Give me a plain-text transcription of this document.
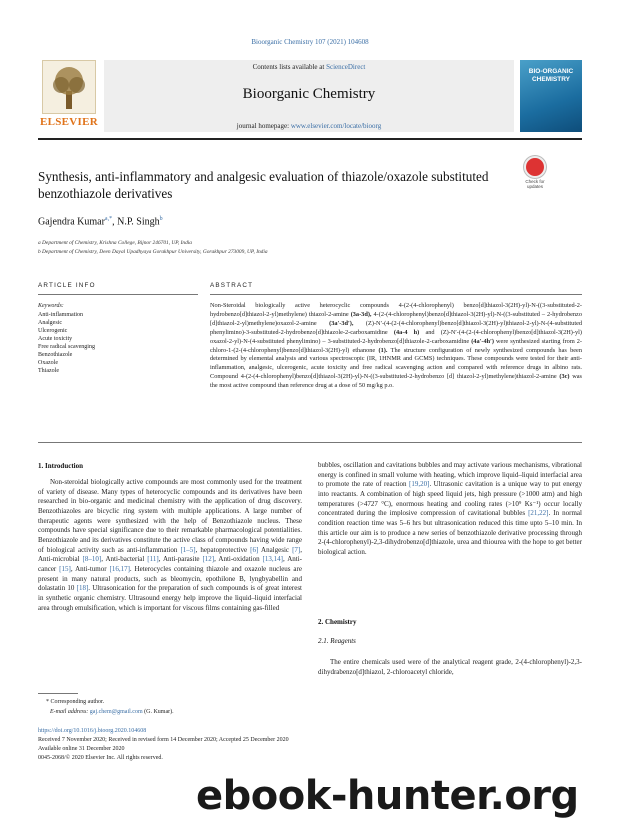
Bioorganic Chemistry 107 (2021) 104608
ELSEVIER
Contents lists available at ScienceDirect
Bioorganic Chemistry
journal homepage: www.elsevier.com/locate/bioorg
BIO-ORGANIC CHEMISTRY
Synthesis, anti-inflammatory and analgesic evaluation of thiazole/oxazole substituted benzothiazole derivatives
Check for updates
Gajendra Kumar$^{a,*}$, N.P. Singh$^b$
a Department of Chemistry, Krishna College, Bijnor 246701, UP, India
b Department of Chemistry, Deen Dayal Upadhyaya Gorakhpur University, Gorakhpur 273009, UP, India
ARTICLE INFO	ABSTRACT
Keywords:
Anti-inflammation
Analgesic
Ulcerogenic
Acute toxicity
Free radical scavenging
Benzothiazole
Oxazole
Thiazole
Non-Steroidal biologically active heterocyclic compounds 4-(2-(4-chlorophenyl) benzo[d]thiazol-3(2H)-yl)-N-((3-substituted-2-hydrobenzo[d]thiazol-2-yl)methylene) thiazol-2-amine (3a-3d), 4-(2-(4-chlorophenyl)benzo[d]thiazol-3(2H)-yl)-N-((3-substituted – 2-hydrobenzo [d]thiazol-2-yl)methylene)oxazol-2-amine (3a′-3d′), (Z)-N′-(4-(2-(4-chlorophenyl)benzo[d]thiazol-3(2H)-yl)thiazol-2-yl)-N-(4-substituted phenylimino)-3-substituted-2-hydrobenzo[d]thiazole-2-carboxamidine (4a-4 h) and (Z)-N′-(4-(2-(4-chlorophenyl)benzo[d]thiazol-3(2H)-yl) oxazol-2-yl)-N-(4-substituted phenylimino) – 3-substituted-2-hydrobenzo[d]thiazole-2-carboxamidine (4a′-4h′) were synthesized starting from 2-chloro-1-(2-(4-chlorophenyl)benzo[d]thiazol-3(2H)-yl) ethanone (1). The structure configuration of newly synthesized compounds has been determined by elemental analysis and various spectroscopic (IR, 1HNMR and GCMS) techniques. These compounds were tested for their anti-inflammation, analgesic, ulcerogenic, acute toxicity and free radical scavenging action and compared with reference drugs in albino rats. Compound 4-(2-(4-chlorophenyl)benzo[d]thiazol-3(2H)-yl)-N-((3-substituted-2-hydrobenzo [d] thiazol-2-yl)methylene)thiazol-2-amine (3c) was the most active compound than reference drug at a dose of 50 mg/kg p.o.
1. Introduction
Non-steroidal biologically active compounds are most commonly used for the treatment of variety of disease. Many types of heterocyclic compounds and its derivatives have been researched in bio-organic and medicinal chemistry with the application of drug discovery. Benzothiazoles are bicyclic ring system with multiple applications. A large number of therapeutic agents were synthesized with the help of Benzothiazole nucleus. These compounds have special significance due to their remarkable pharmacological potentialities. Benzothiazole and its derivatives constitute the active class of compounds having wide range of biological activity such as anti-inflammation [1–5], hepatoprotective [6] Analgesic [7], Anti-microbial [8–10], Anti-bacterial [11], Anti-parasite [12], Anti-oxidation [13,14], Anti-cancer [15], Anti-tumor [16,17]. Heterocycles containing thiazole and oxazole nucleus are present in many natural products, such as bleomycin, epothilone B, lyngbyabellin and dolastatin 10 [18]. Ultrasonication for the preparation of such compounds is of great interest in synthetic organic chemistry. Ultrasound energy help improve the liquid–liquid interfacial area through emulsification, which is important for viscous films containing gas-filled
bubbles, oscillation and cavitations bubbles and may activate various mechanisms, vibrational energy is confined in small volume with heating, which improve liquid–liquid interfacial area to promote the rate of reaction [19,20]. Ultrasonic cavitation is a unique way to put energy into reactants. A combination of high speed liquid jets, high pressure (>1000 atm) and high temperatures (>4727 °C), enormous heating and cooling rates (>10⁹ Ks⁻¹) occur locally concentrated during the implosive compression of cavitational bubbles [21,22]. In normal condition reaction time was 5–6 hrs but ultrasonication reduced this time upto 5–10 min. In this article our aim is to produce a new series of benzothiazole derivative processing through 2-(4-chlorophenyl)-2,3-dihydrobenzo[d]thiazole, urea and thiourea with the hope to get better biological action.
2. Chemistry
2.1. Reagents
The entire chemicals used were of the analytical reagent grade, 2-(4-chlorophenyl)-2,3-dihydrabenzo[d]thiazol, 2-chloroacetyl chloride,
* Corresponding author.
E-mail address: gaj.chem@gmail.com (G. Kumar).
https://doi.org/10.1016/j.bioorg.2020.104608
Received 7 November 2020; Received in revised form 14 December 2020; Accepted 25 December 2020
Available online 31 December 2020
0045-2068/© 2020 Elsevier Inc. All rights reserved.
ebook-hunter.org
